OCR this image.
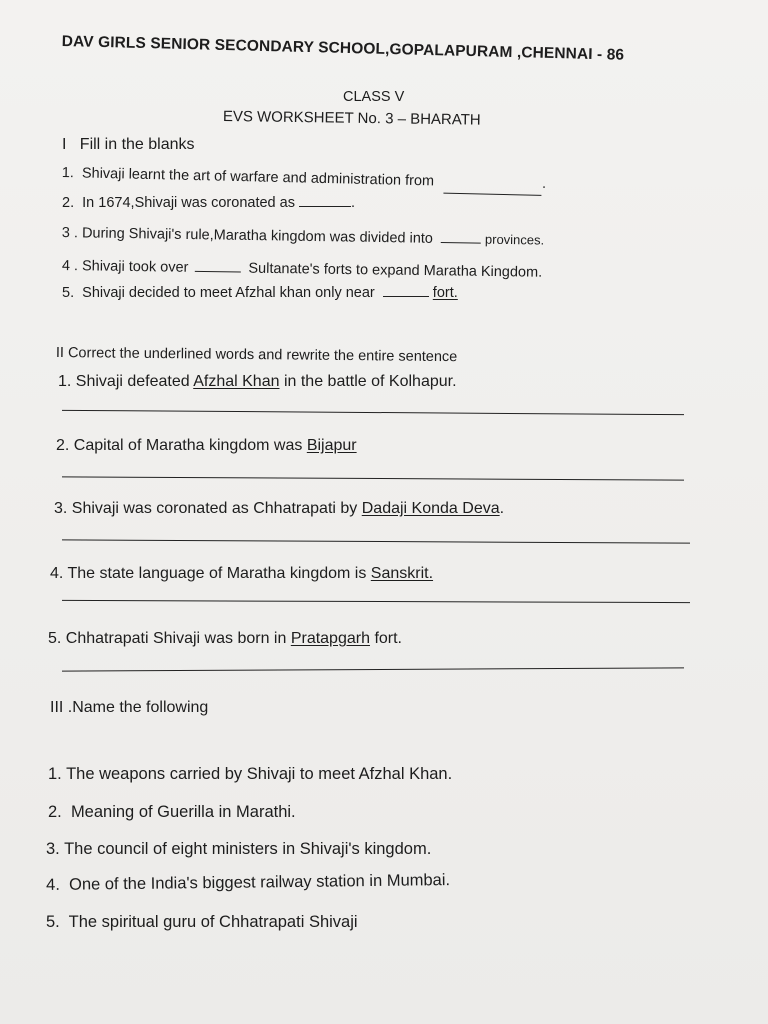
DAV GIRLS SENIOR SECONDARY SCHOOL,GOPALAPURAM ,CHENNAI - 86
CLASS V
EVS WORKSHEET No. 3 – BHARATH
I Fill in the blanks
1. Shivaji learnt the art of warfare and administration from	.
2. In 1674,Shivaji was coronated as	.
3 . During Shivaji's rule,Maratha kingdom was divided into	provinces.
4 . Shivaji took over	Sultanate's forts to expand Maratha Kingdom.
5. Shivaji decided to meet Afzhal khan only near	fort.
II Correct the underlined words and rewrite the entire sentence
1. Shivaji defeated Afzhal Khan in the battle of Kolhapur.
2. Capital of Maratha kingdom was Bijapur
3. Shivaji was coronated as Chhatrapati by Dadaji Konda Deva.
4. The state language of Maratha kingdom is Sanskrit.
5. Chhatrapati Shivaji was born in Pratapgarh fort.
III .Name the following
1. The weapons carried by Shivaji to meet Afzhal Khan.
2. Meaning of Guerilla in Marathi.
3. The council of eight ministers in Shivaji's kingdom.
4. One of the India's biggest railway station in Mumbai.
5. The spiritual guru of Chhatrapati Shivaji
